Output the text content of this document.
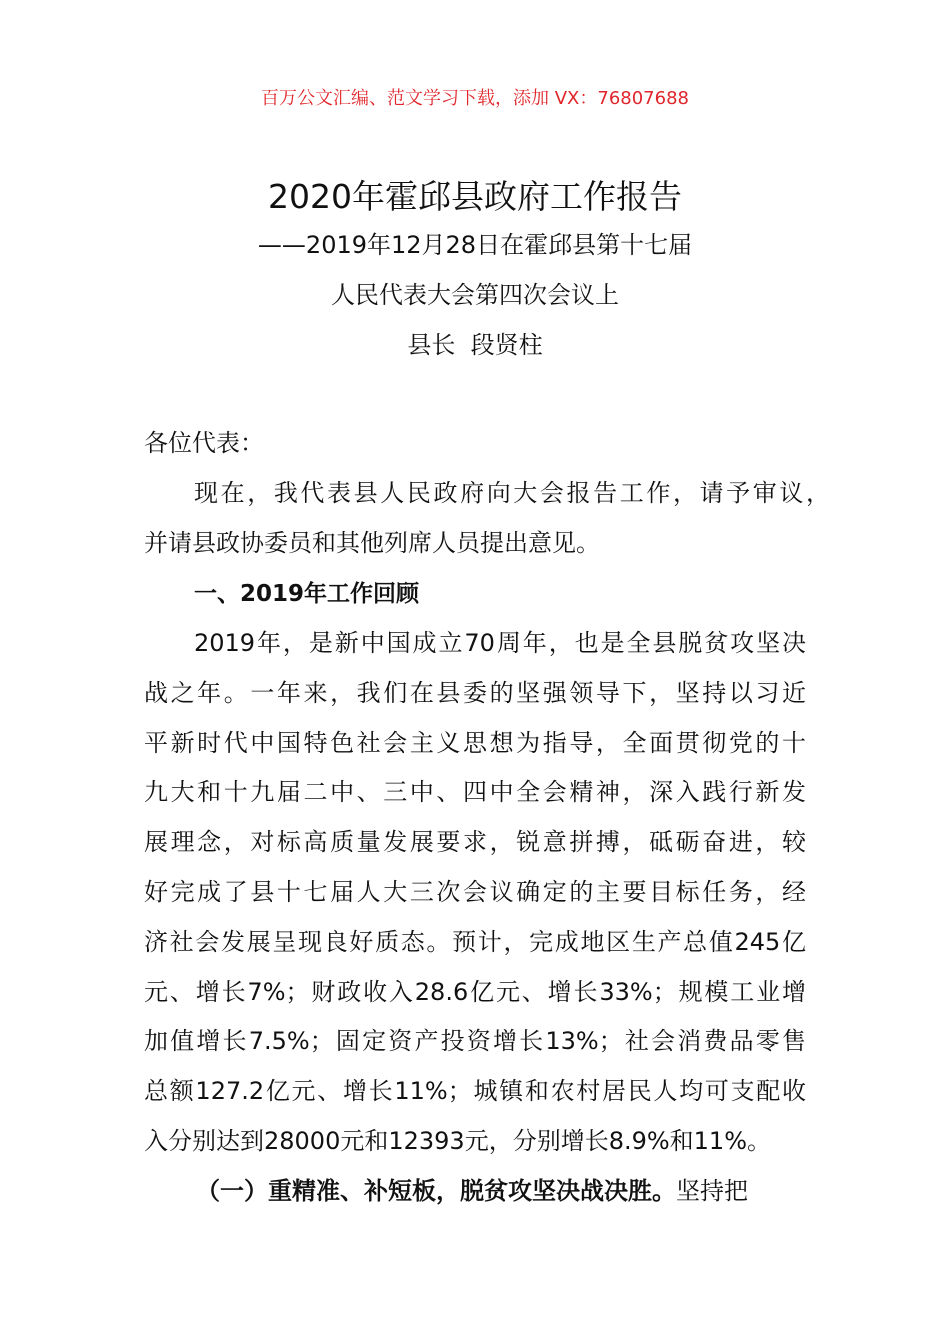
百万公文汇编、范文学习下载，添加 VX：76807688
2020年霍邱县政府工作报告
——2019年12月28日在霍邱县第十七届
人民代表大会第四次会议上
县长  段贤柱
各位代表：
现在，我代表县人民政府向大会报告工作，请予审议，
并请县政协委员和其他列席人员提出意见。
一、2019年工作回顾
2019年，是新中国成立70周年，也是全县脱贫攻坚决
战之年。一年来，我们在县委的坚强领导下，坚持以习近
平新时代中国特色社会主义思想为指导，全面贯彻党的十
九大和十九届二中、三中、四中全会精神，深入践行新发
展理念，对标高质量发展要求，锐意拼搏，砥砺奋进，较
好完成了县十七届人大三次会议确定的主要目标任务，经
济社会发展呈现良好质态。预计，完成地区生产总值245亿
元、增长7%；财政收入28.6亿元、增长33%；规模工业增
加值增长7.5%；固定资产投资增长13%；社会消费品零售
总额127.2亿元、增长11%；城镇和农村居民人均可支配收
入分别达到28000元和12393元，分别增长8.9%和11%。
（一）重精准、补短板，脱贫攻坚决战决胜。坚持把
